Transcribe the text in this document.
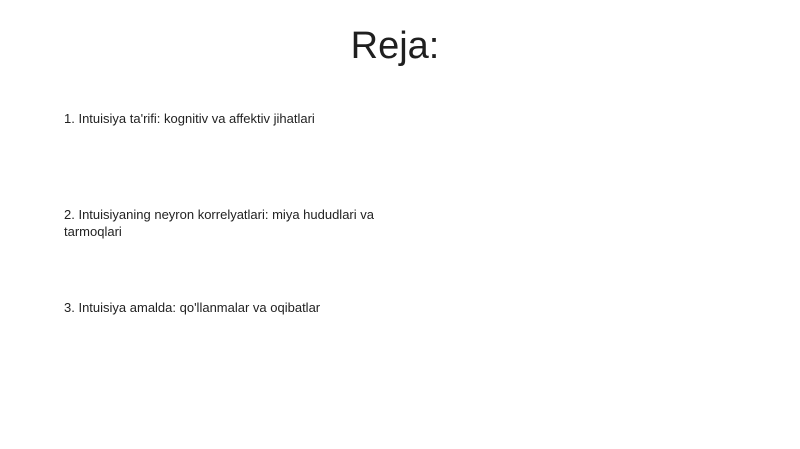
Reja:
1. Intuisiya ta'rifi: kognitiv va affektiv jihatlari
2. Intuisiyaning neyron korrelyatlari: miya hududlari va tarmoqlari
3. Intuisiya amalda: qo'llanmalar va oqibatlar
